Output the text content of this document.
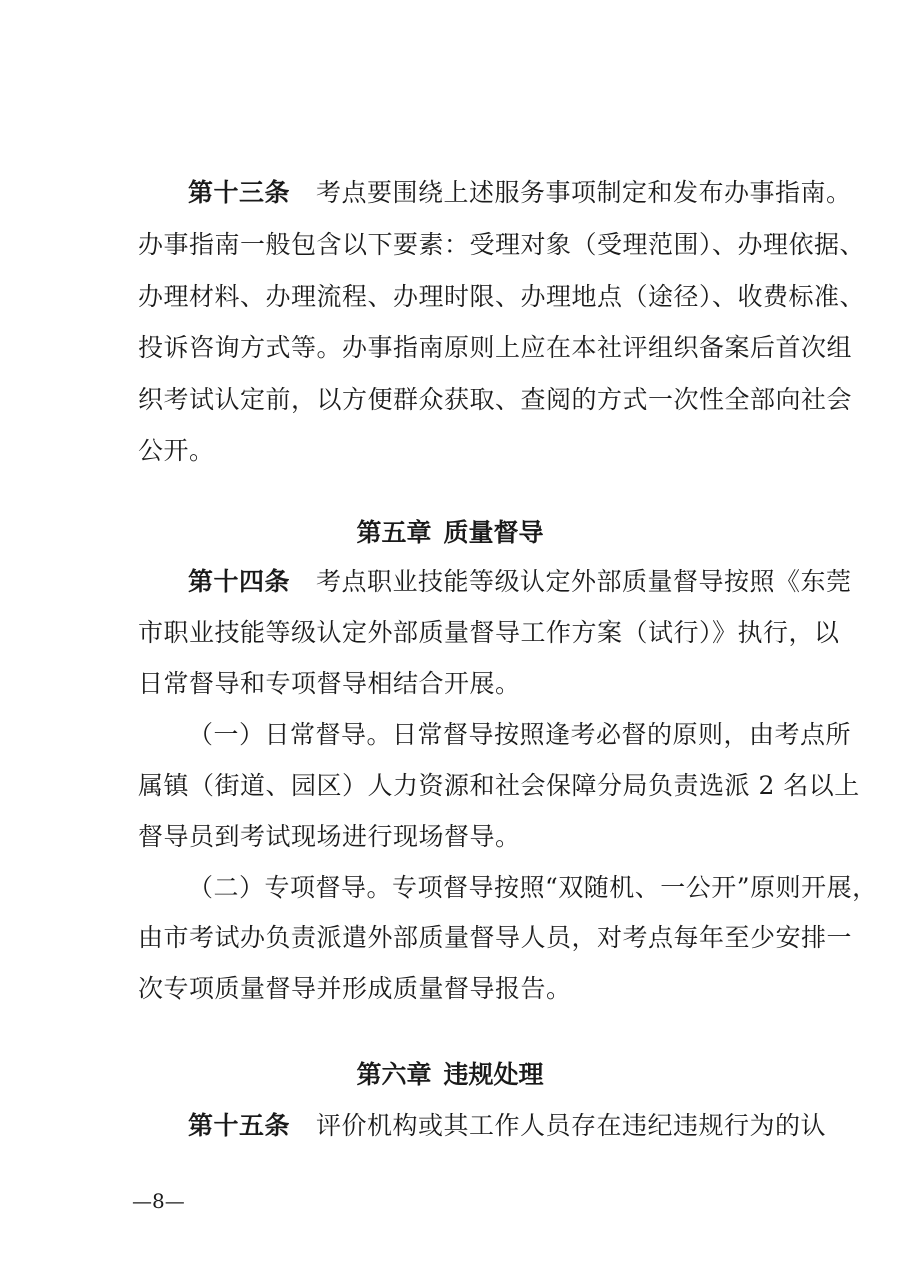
第十三条 考点要围绕上述服务事项制定和发布办事指南。
办事指南一般包含以下要素：受理对象（受理范围）、办理依据、
办理材料、办理流程、办理时限、办理地点（途径）、收费标准、
投诉咨询方式等。办事指南原则上应在本社评组织备案后首次组
织考试认定前，以方便群众获取、查阅的方式一次性全部向社会
公开。
第五章 质量督导
第十四条 考点职业技能等级认定外部质量督导按照《东莞
市职业技能等级认定外部质量督导工作方案（试行）》执行，以
日常督导和专项督导相结合开展。
（一）日常督导。日常督导按照逢考必督的原则，由考点所
属镇（街道、园区）人力资源和社会保障分局负责选派 2 名以上
督导员到考试现场进行现场督导。
（二）专项督导。专项督导按照“双随机、一公开”原则开展，
由市考试办负责派遣外部质量督导人员，对考点每年至少安排一
次专项质量督导并形成质量督导报告。
第六章 违规处理
第十五条 评价机构或其工作人员存在违纪违规行为的认
—8—
